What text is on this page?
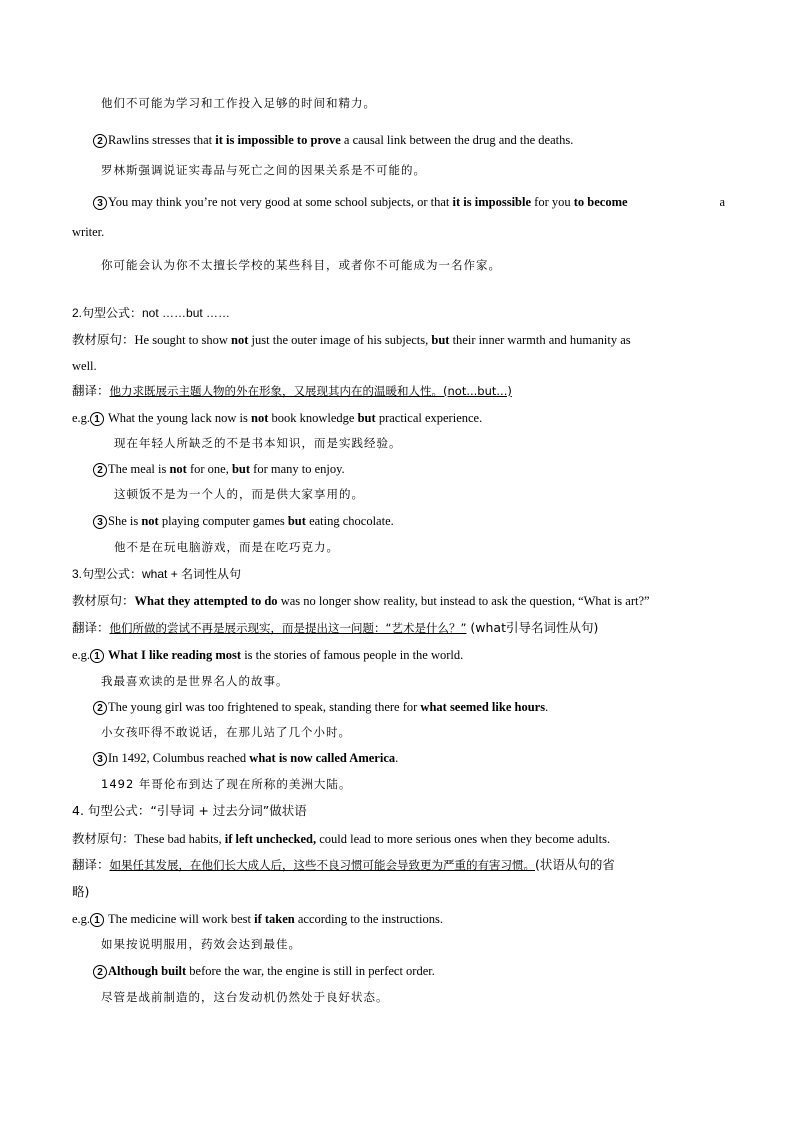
他们不可能为学习和工作投入足够的时间和精力。
2 Rawlins stresses that it is impossible to prove a causal link between the drug and the deaths.
罗林斯强调说证实毒品与死亡之间的因果关系是不可能的。
3 You may think you’re not very good at some school subjects, or that it is impossible for you to become	a
writer.
你可能会认为你不太擅长学校的某些科目，或者你不可能成为一名作家。
2.句型公式：not ……but ……
教材原句：He sought to show not just the outer image of his subjects, but their inner warmth and humanity as
well.
翻译：他力求既展示主题人物的外在形象，又展现其内在的温暖和人性。(not...but...)
e.g. 1 What the young lack now is not book knowledge but practical experience.
现在年轻人所缺乏的不是书本知识，而是实践经验。
2 The meal is not for one, but for many to enjoy.
这顿饭不是为一个人的，而是供大家享用的。
3 She is not playing computer games but eating chocolate.
他不是在玩电脑游戏，而是在吃巧克力。
3.句型公式：what + 名词性从句
教材原句：What they attempted to do was no longer show reality, but instead to ask the question, “What is art?”
翻译：他们所做的尝试不再是展示现实，而是提出这一问题：“艺术是什么？” (what引导名词性从句)
e.g. 1 What I like reading most is the stories of famous people in the world.
我最喜欢读的是世界名人的故事。
2 The young girl was too frightened to speak, standing there for what seemed like hours.
小女孩吓得不敢说话，在那儿站了几个小时。
3 In 1492, Columbus reached what is now called America.
1492 年哥伦布到达了现在所称的美洲大陆。
4. 句型公式：“引导词 + 过去分词”做状语
教材原句：These bad habits, if left unchecked, could lead to more serious ones when they become adults.
翻译：如果任其发展，在他们长大成人后，这些不良习惯可能会导致更为严重的有害习惯。(状语从句的省
略)
e.g. 1 The medicine will work best if taken according to the instructions.
如果按说明服用，药效会达到最佳。
2 Although built before the war, the engine is still in perfect order.
尽管是战前制造的，这台发动机仍然处于良好状态。
